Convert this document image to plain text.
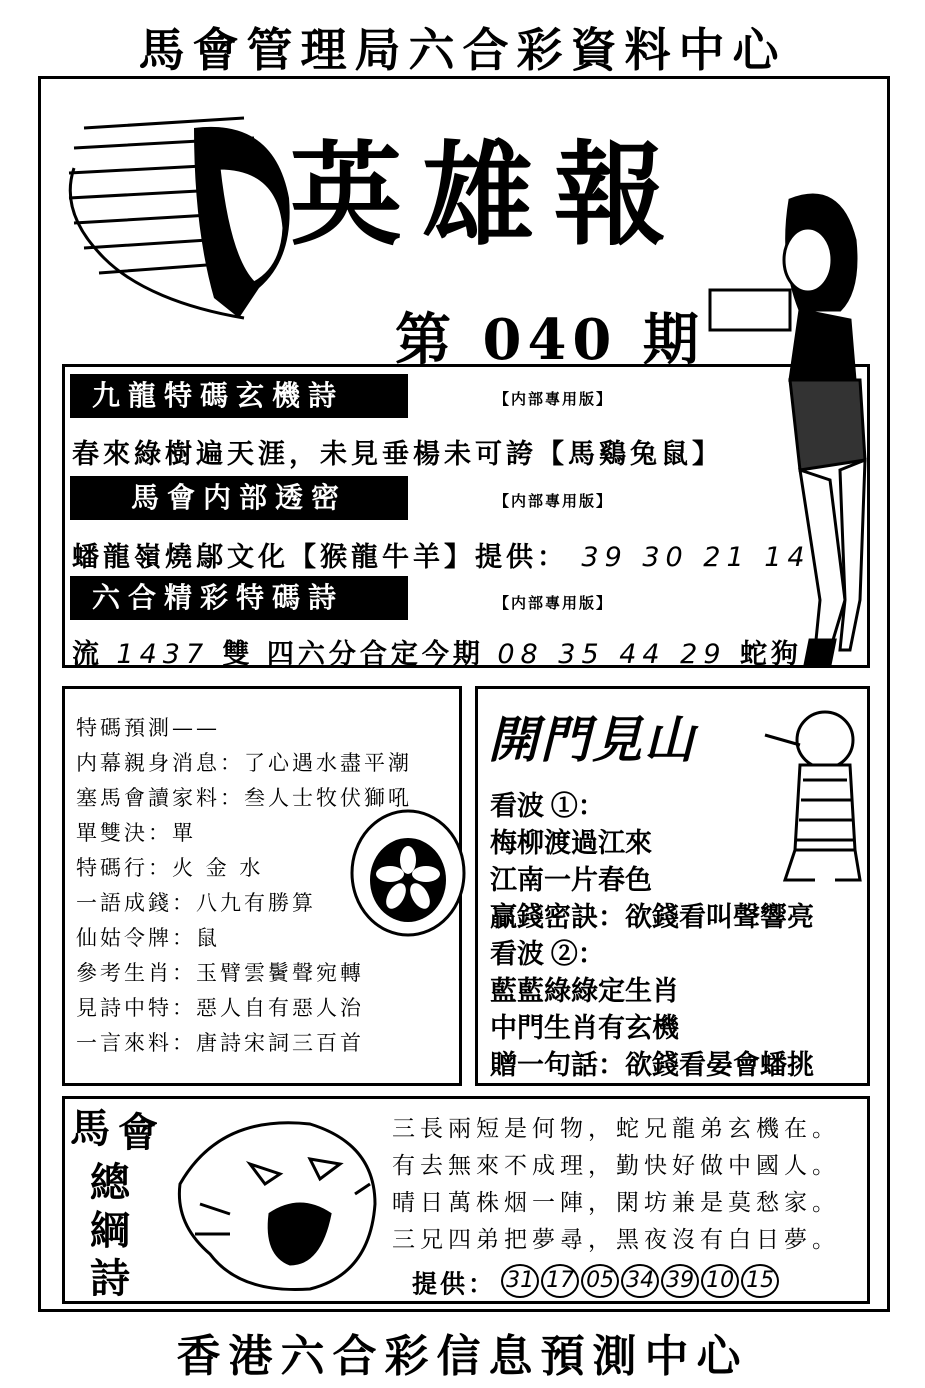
馬會管理局六合彩資料中心
英雄報
第 040 期
九龍特碼玄機詩	【内部專用版】
春來綠樹遍天涯，未見垂楊未可誇【馬鷄兔鼠】
馬會内部透密	【内部專用版】
蟠龍嶺燒鄔文化【猴龍牛羊】提供： 39 30 21 14
六合精彩特碼詩	【内部專用版】
流 1437 雙 四六分合定今期 08 35 44 29 蛇狗
特碼預測——
内幕親身消息：了心遇水盡平潮
塞馬會讀家料：叁人士牧伏獅吼
單雙決：單
特碼行：火 金 水
一語成錢：八九有勝算
仙姑令牌：鼠
參考生肖：玉臂雲鬢聲宛轉
見詩中特：惡人自有惡人治
一言來料：唐詩宋詞三百首
開門見山
看波 ①：
梅柳渡過江來
江南一片春色
贏錢密訣：欲錢看叫聲響亮
看波 ②：
藍藍綠綠定生肖
中門生肖有玄機
贈一句話：欲錢看晏會蟠挑
馬 會
總
綱
詩
三長兩短是何物，蛇兄龍弟玄機在。
有去無來不成理，勤快好做中國人。
晴日萬株烟一陣，閑坊兼是莫愁家。
三兄四弟把夢尋，黑夜沒有白日夢。
提供： 31 17 05 34 39 10 15
香港六合彩信息預測中心
